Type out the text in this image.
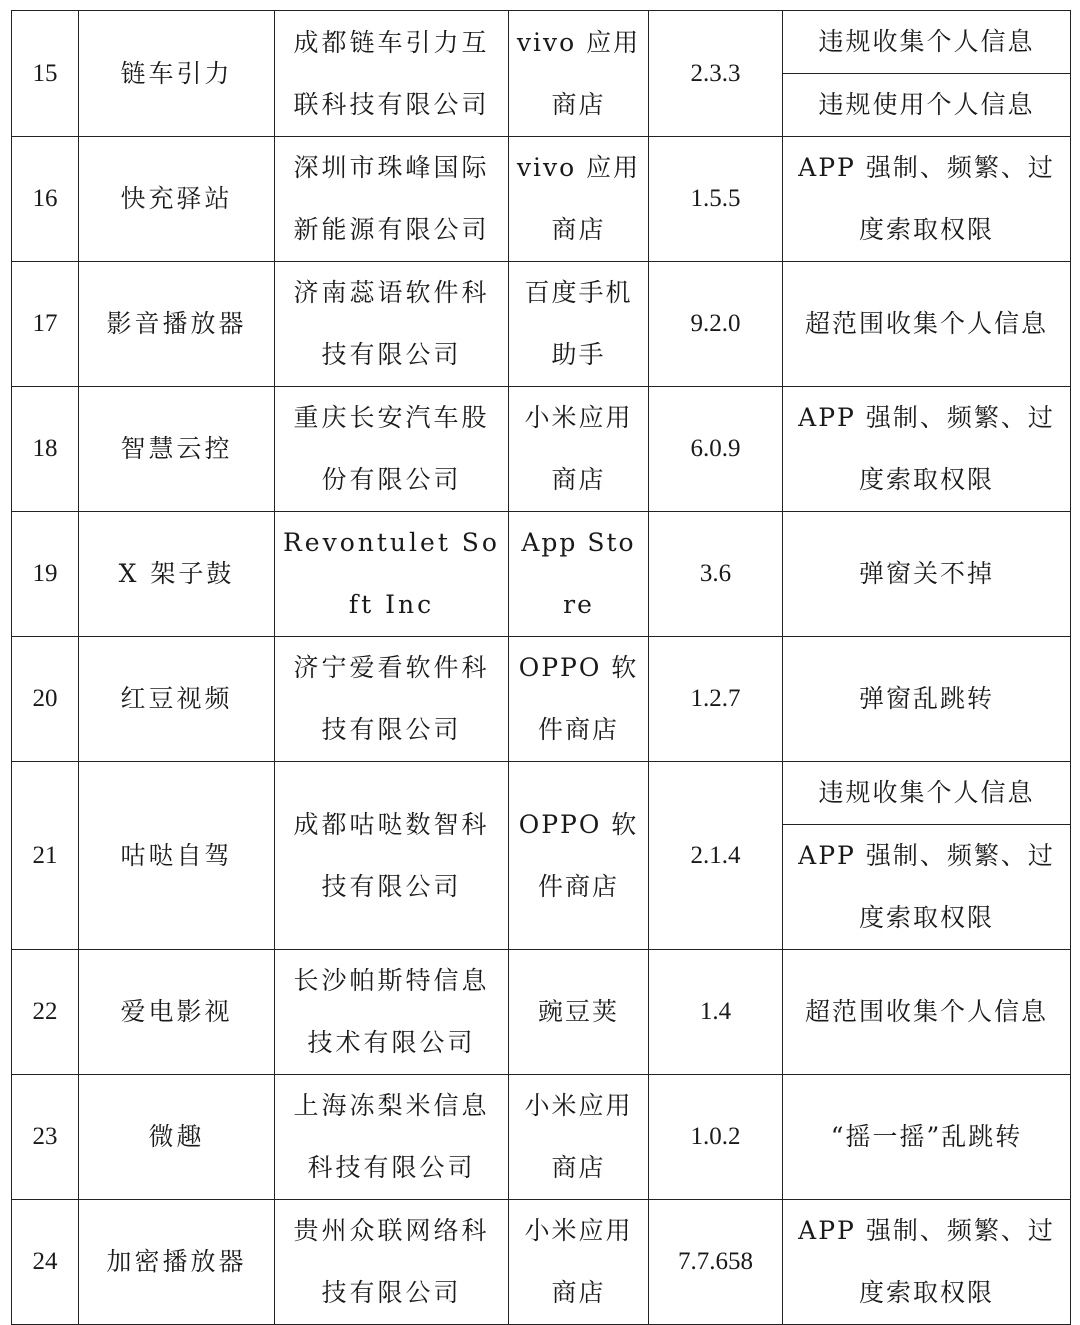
15	链车引力	成都链车引力互联科技有限公司	vivo 应用商店	2.3.3	违规收集个人信息
					违规使用个人信息
16	快充驿站	深圳市珠峰国际新能源有限公司	vivo 应用商店	1.5.5	APP 强制、频繁、过度索取权限
17	影音播放器	济南蕊语软件科技有限公司	百度手机助手	9.2.0	超范围收集个人信息
18	智慧云控	重庆长安汽车股份有限公司	小米应用商店	6.0.9	APP 强制、频繁、过度索取权限
19	X 架子鼓	Revontulet Soft Inc	App Store	3.6	弹窗关不掉
20	红豆视频	济宁爱看软件科技有限公司	OPPO 软件商店	1.2.7	弹窗乱跳转
21	咕哒自驾	成都咕哒数智科技有限公司	OPPO 软件商店	2.1.4	违规收集个人信息
					APP 强制、频繁、过度索取权限
22	爱电影视	长沙帕斯特信息技术有限公司	豌豆荚	1.4	超范围收集个人信息
23	微趣	上海冻梨米信息科技有限公司	小米应用商店	1.0.2	“摇一摇”乱跳转
24	加密播放器	贵州众联网络科技有限公司	小米应用商店	7.7.658	APP 强制、频繁、过度索取权限
